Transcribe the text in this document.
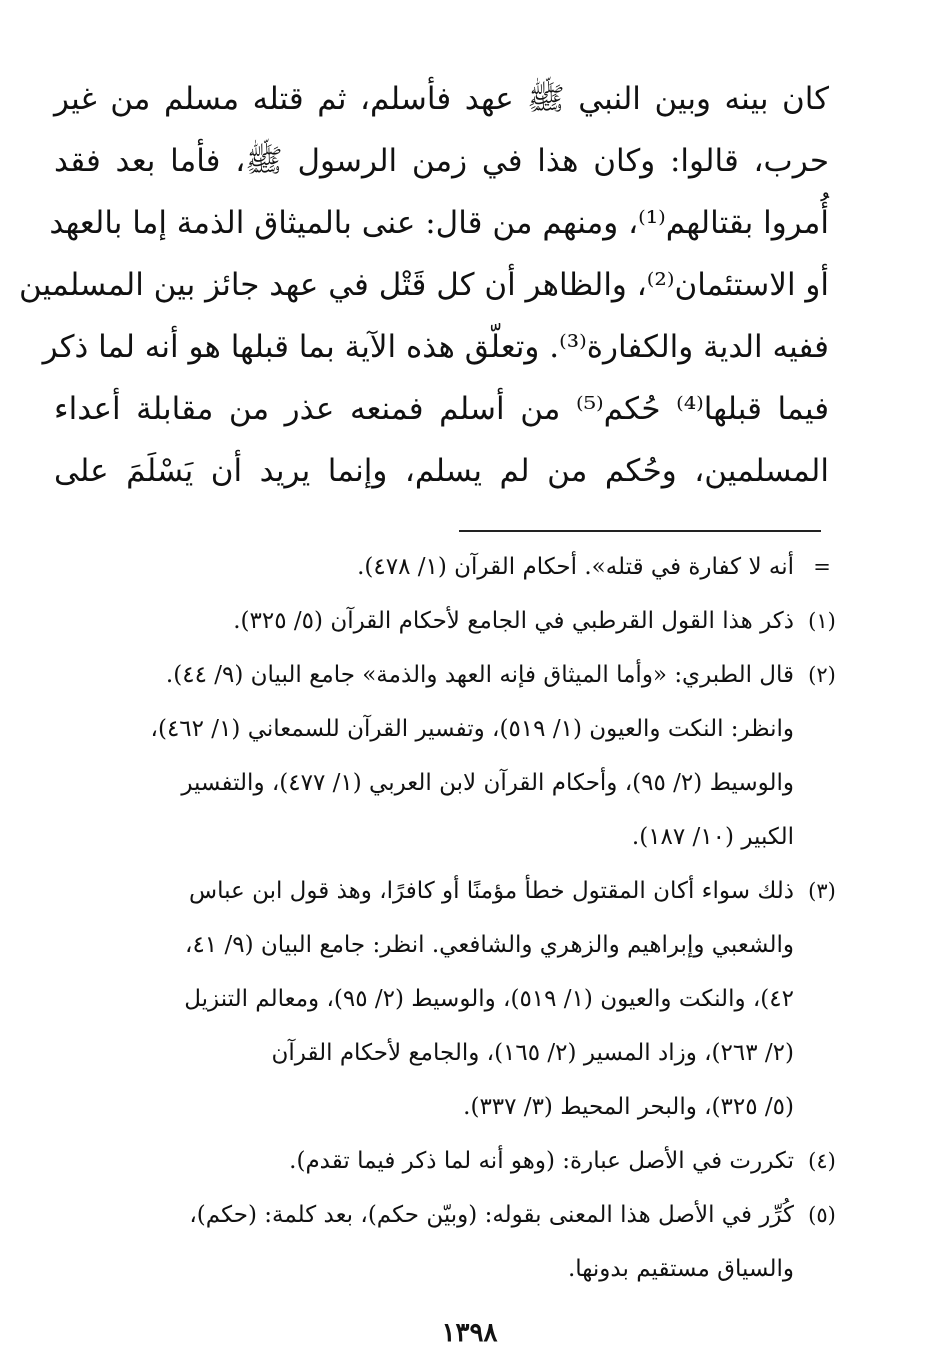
كان بينه وبين النبي ﷺ عهد فأسلم، ثم قتله مسلم من غير
حرب، قالوا: وكان هذا في زمن الرسول ﷺ، فأما بعد فقد
أُمروا بقتالهم⁽¹⁾، ومنهم من قال: عنى بالميثاق الذمة إما بالعهد
أو الاستئمان⁽²⁾، والظاهر أن كل قَتْل في عهد جائز بين المسلمين
ففيه الدية والكفارة⁽³⁾. وتعلّق هذه الآية بما قبلها هو أنه لما ذكر
فيما قبلها⁽⁴⁾ حُكم⁽⁵⁾ من أسلم فمنعه عذر من مقابلة أعداء
المسلمين، وحُكم من لم يسلم، وإنما يريد أن يَسْلَمَ على
=
أنه لا كفارة في قتله». أحكام القرآن (١/ ٤٧٨).
(١)
ذكر هذا القول القرطبي في الجامع لأحكام القرآن (٥/ ٣٢٥).
(٢)
قال الطبري: «وأما الميثاق فإنه العهد والذمة» جامع البيان (٩/ ٤٤).
وانظر: النكت والعيون (١/ ٥١٩)، وتفسير القرآن للسمعاني (١/ ٤٦٢)،
والوسيط (٢/ ٩٥)، وأحكام القرآن لابن العربي (١/ ٤٧٧)، والتفسير
الكبير (١٠/ ١٨٧).
(٣)
ذلك سواء أكان المقتول خطأ مؤمنًا أو كافرًا، وهذ قول ابن عباس
والشعبي وإبراهيم والزهري والشافعي. انظر: جامع البيان (٩/ ٤١،
٤٢)، والنكت والعيون (١/ ٥١٩)، والوسيط (٢/ ٩٥)، ومعالم التنزيل
(٢/ ٢٦٣)، وزاد المسير (٢/ ١٦٥)، والجامع لأحكام القرآن
(٥/ ٣٢٥)، والبحر المحيط (٣/ ٣٣٧).
(٤)
تكررت في الأصل عبارة: (وهو أنه لما ذكر فيما تقدم).
(٥)
كُرِّر في الأصل هذا المعنى بقوله: (وبيّن حكم)، بعد كلمة: (حكم)،
والسياق مستقيم بدونها.
١٣٩٨
